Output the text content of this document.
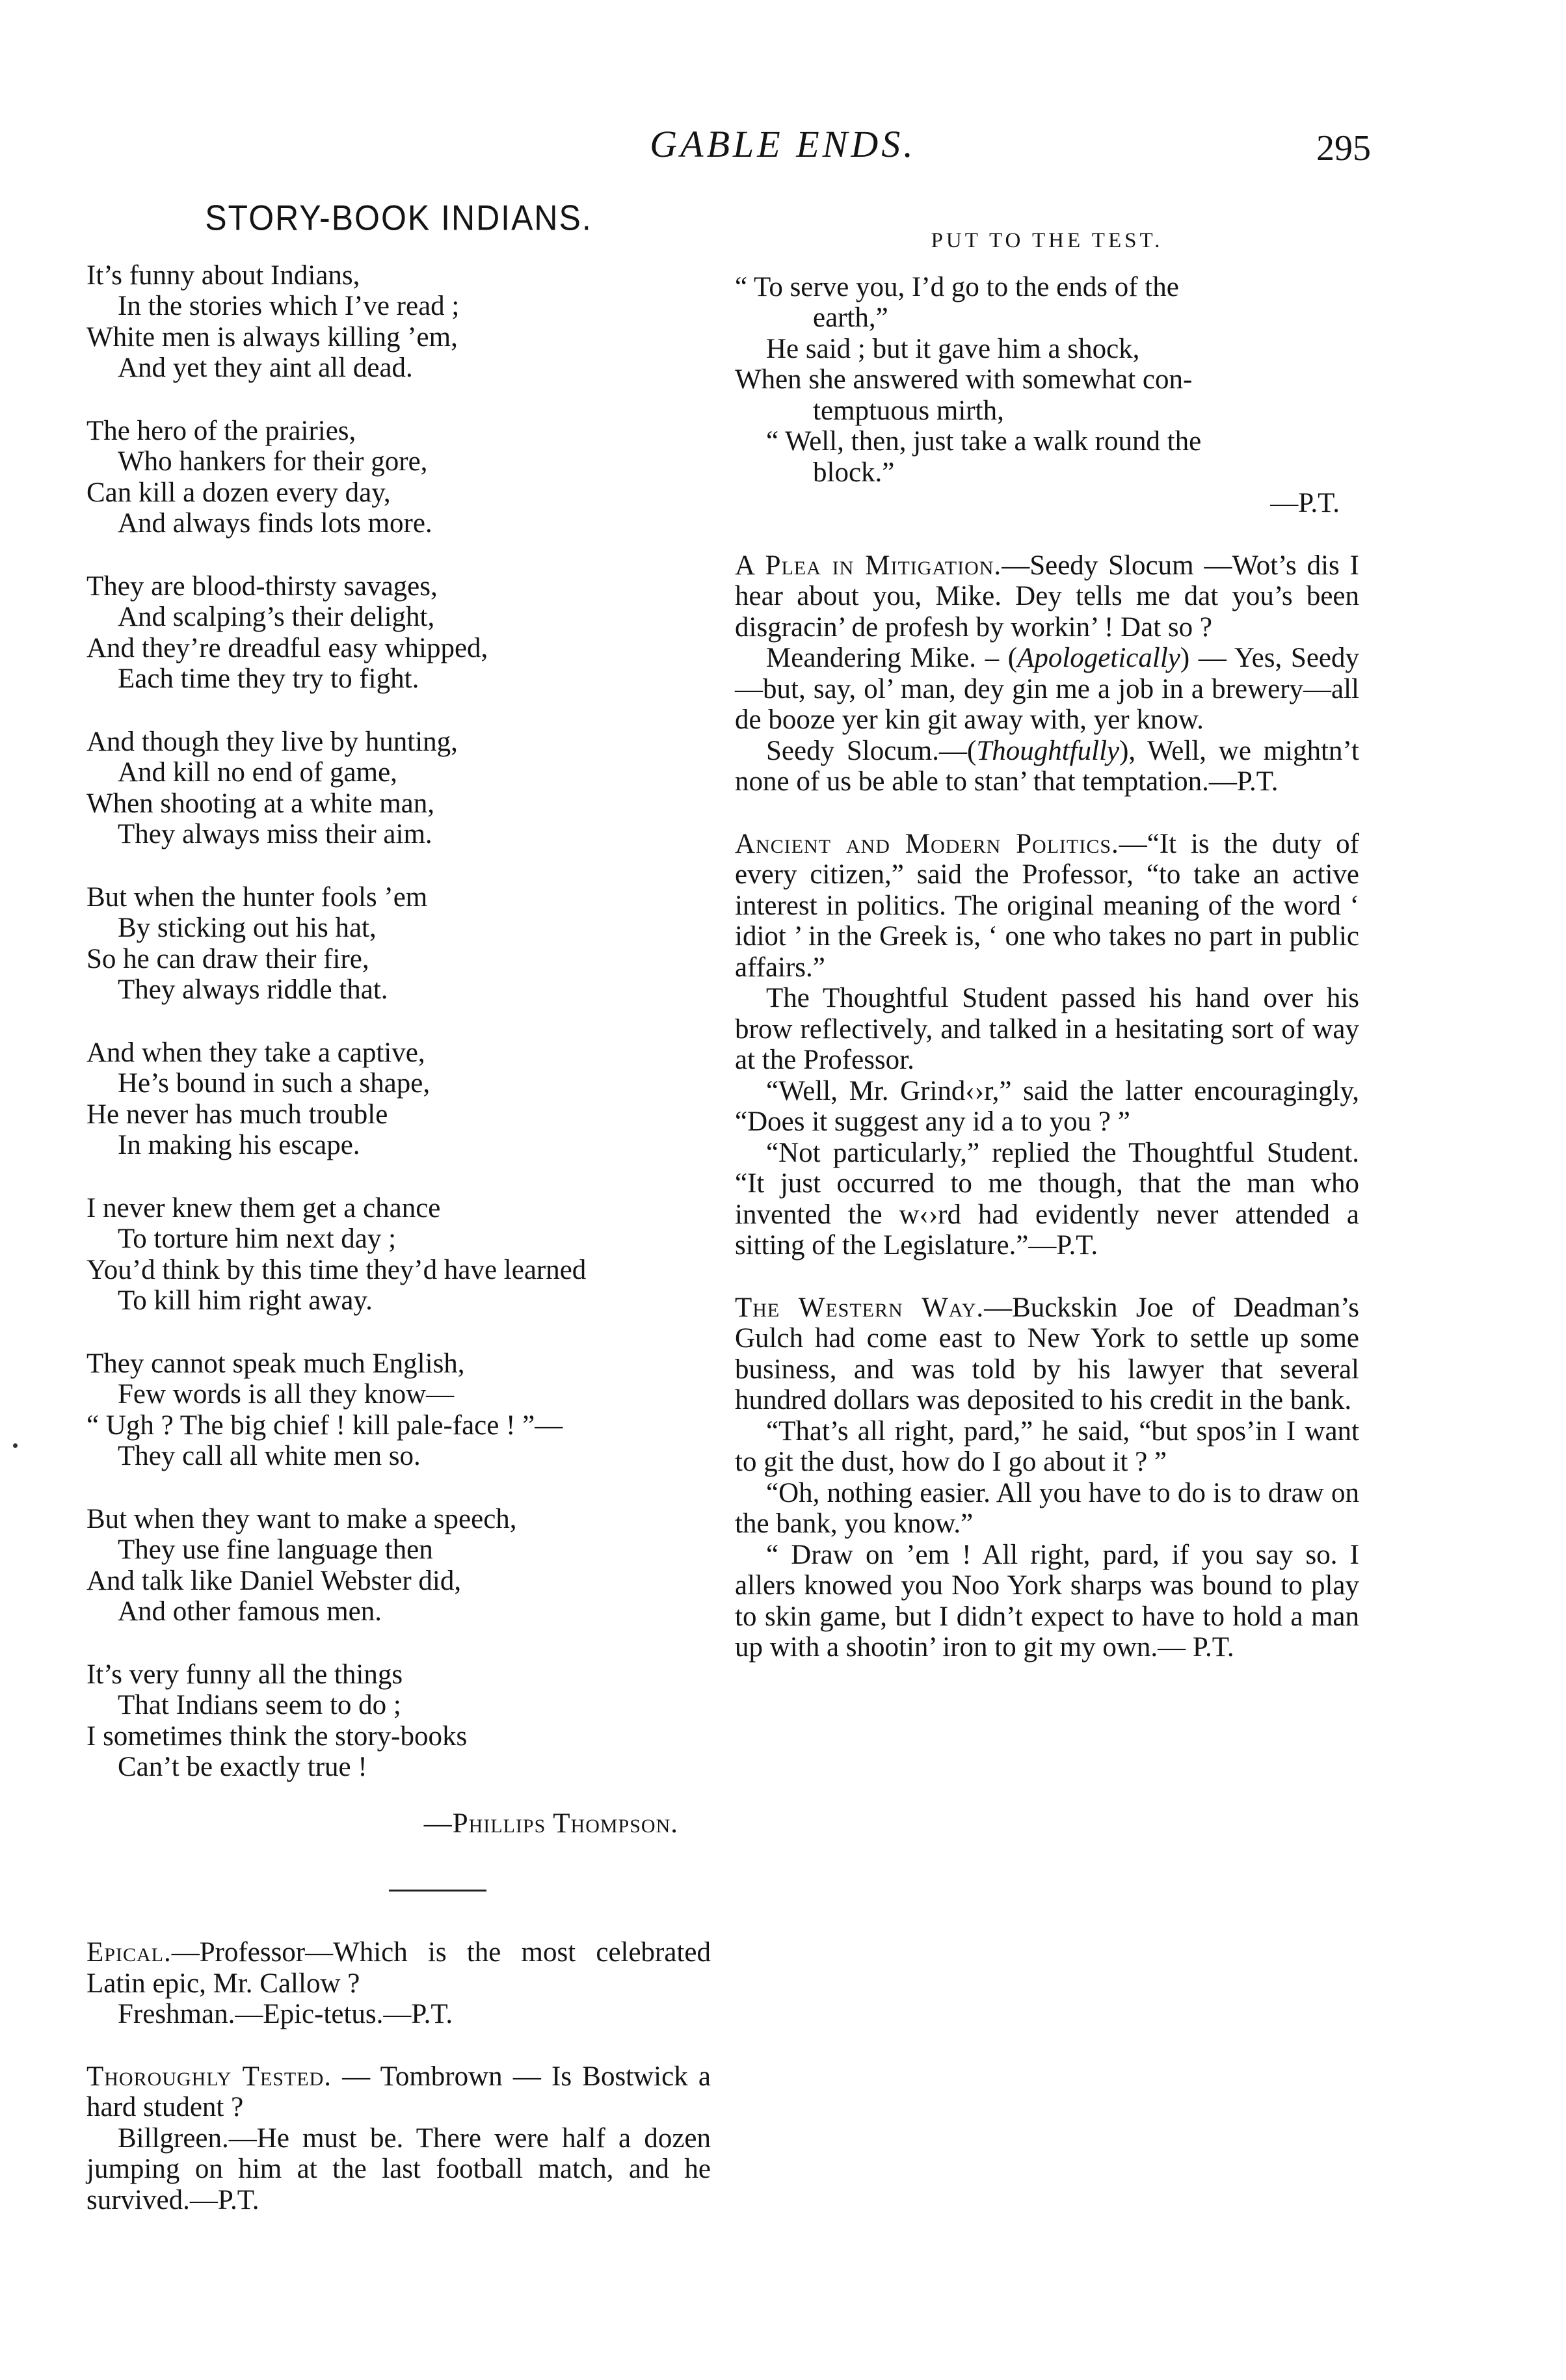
GABLE ENDS.	295
STORY-BOOK INDIANS.
It’s funny about Indians,
In the stories which I’ve read ;
White men is always killing ’em,
And yet they aint all dead.
The hero of the prairies,
Who hankers for their gore,
Can kill a dozen every day,
And always finds lots more.
They are blood-thirsty savages,
And scalping’s their delight,
And they’re dreadful easy whipped,
Each time they try to fight.
And though they live by hunting,
And kill no end of game,
When shooting at a white man,
They always miss their aim.
But when the hunter fools ’em
By sticking out his hat,
So he can draw their fire,
They always riddle that.
And when they take a captive,
He’s bound in such a shape,
He never has much trouble
In making his escape.
I never knew them get a chance
To torture him next day ;
You’d think by this time they’d have learned
To kill him right away.
They cannot speak much English,
Few words is all they know—
“ Ugh ? The big chief ! kill pale-face ! ”—
They call all white men so.
But when they want to make a speech,
They use fine language then
And talk like Daniel Webster did,
And other famous men.
It’s very funny all the things
That Indians seem to do ;
I sometimes think the story-books
Can’t be exactly true !
—Phillips Thompson.

Epical.—Professor—Which is the most celebrated Latin epic, Mr. Callow ?

Freshman.—Epic-tetus.—P.T.

Thoroughly Tested. — Tombrown — Is Bostwick a hard student ?

Billgreen.—He must be. There were half a dozen jumping on him at the last football match, and he survived.—P.T.

PUT TO THE TEST.
“ To serve you, I’d go to the ends of the
earth,”
He said ; but it gave him a shock,
When she answered with somewhat con-
temptuous mirth,
“ Well, then, just take a walk round the
block.”
—P.T.

A Plea in Mitigation.—Seedy Slocum —Wot’s dis I hear about you, Mike. Dey tells me dat you’s been disgracin’ de profesh by workin’ ! Dat so ?

Meandering Mike. – (Apologetically) — Yes, Seedy—but, say, ol’ man, dey gin me a job in a brewery—all de booze yer kin git away with, yer know.

Seedy Slocum.—(Thoughtfully), Well, we mightn’t none of us be able to stan’ that temptation.—P.T.

Ancient and Modern Politics.—“It is the duty of every citizen,” said the Professor, “to take an active interest in politics. The original meaning of the word ‘ idiot ’ in the Greek is, ‘ one who takes no part in public affairs.”

The Thoughtful Student passed his hand over his brow reflectively, and talked in a hesitating sort of way at the Professor.

“Well, Mr. Grind‹›r,” said the latter encouragingly, “Does it suggest any id a to you ? ”

“Not particularly,” replied the Thoughtful Student. “It just occurred to me though, that the man who invented the w‹›rd had evidently never attended a sitting of the Legislature.”—P.T.

The Western Way.—Buckskin Joe of Deadman’s Gulch had come east to New York to settle up some business, and was told by his lawyer that several hundred dollars was deposited to his credit in the bank.

“That’s all right, pard,” he said, “but spos’in I want to git the dust, how do I go about it ? ”

“Oh, nothing easier. All you have to do is to draw on the bank, you know.”

“ Draw on ’em ! All right, pard, if you say so. I allers knowed you Noo York sharps was bound to play to skin game, but I didn’t expect to have to hold a man up with a shootin’ iron to git my own.— P.T.
